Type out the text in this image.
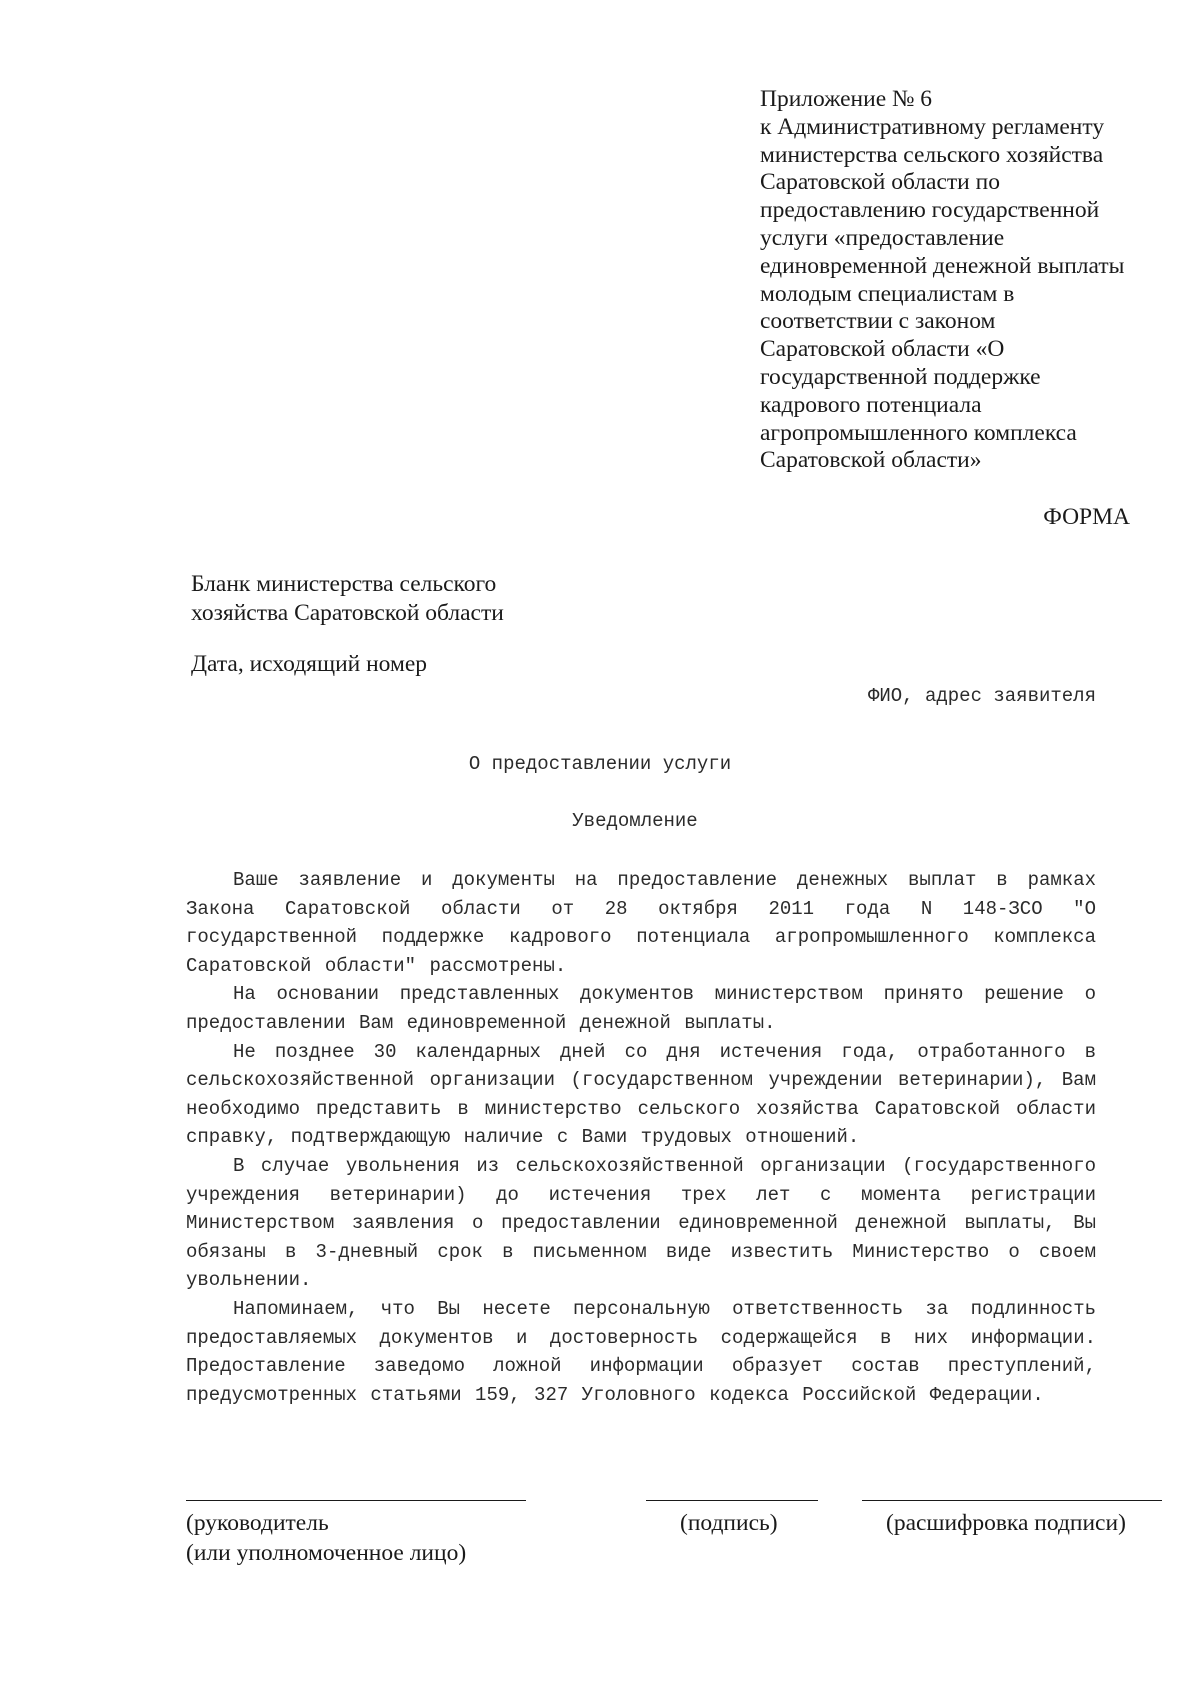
Приложение № 6
к Административному регламенту
министерства сельского хозяйства
Саратовской области по
предоставлению государственной
услуги «предоставление
единовременной денежной выплаты
молодым специалистам в
соответствии с законом
Саратовской области «О
государственной поддержке
кадрового потенциала
агропромышленного комплекса
Саратовской области»
ФОРМА
Бланк министерства сельского
хозяйства Саратовской области
Дата, исходящий номер
ФИО, адрес заявителя
О предоставлении услуги
Уведомление

Ваше заявление и документы на предоставление денежных выплат в рамках Закона Саратовской области от 28 октября 2011 года N 148-ЗСО "О государственной поддержке кадрового потенциала агропромышленного комплекса Саратовской области" рассмотрены.

На основании представленных документов министерством принято решение о предоставлении Вам единовременной денежной выплаты.

Не позднее 30 календарных дней со дня истечения года, отработанного в сельскохозяйственной организации (государственном учреждении ветеринарии), Вам необходимо представить в министерство сельского хозяйства Саратовской области справку, подтверждающую наличие с Вами трудовых отношений.

В случае увольнения из сельскохозяйственной организации (государственного учреждения ветеринарии) до истечения трех лет с момента регистрации Министерством заявления о предоставлении единовременной денежной выплаты, Вы обязаны в 3-дневный срок в письменном виде известить Министерство о своем увольнении.

Напоминаем, что Вы несете персональную ответственность за подлинность предоставляемых документов и достоверность содержащейся в них информации. Предоставление заведомо ложной информации образует состав преступлений, предусмотренных статьями 159, 327 Уголовного кодекса Российской Федерации.

(руководитель
(или уполномоченное лицо)
(подпись)	(расшифровка подписи)
